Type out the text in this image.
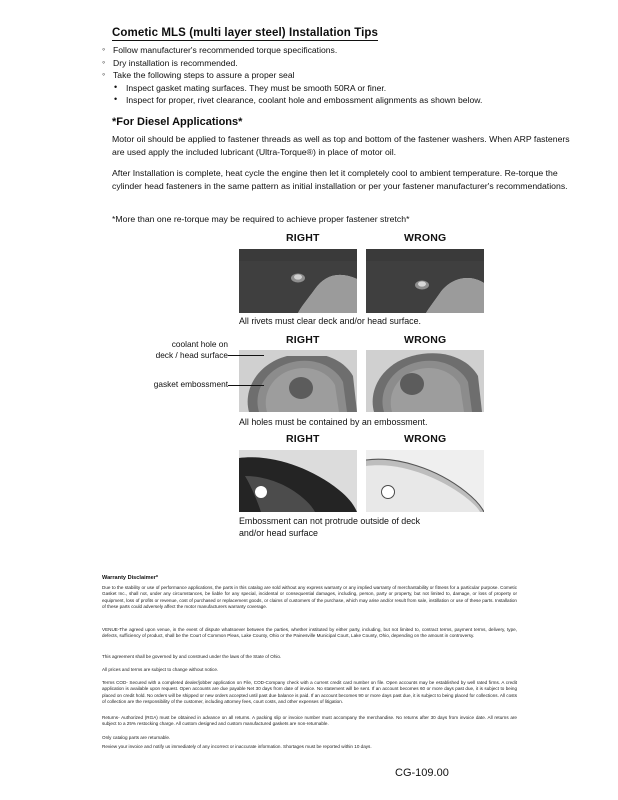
Cometic MLS (multi layer steel) Installation Tips
◦ Follow manufacturer's recommended torque specifications.
◦ Dry installation is recommended.
◦ Take the following steps to assure a proper seal
• Inspect gasket mating surfaces. They must be smooth 50RA or finer.
• Inspect for proper, rivet clearance, coolant hole and embossment alignments as shown below.
*For Diesel Applications*
Motor oil should be applied to fastener threads as well as top and bottom of the fastener washers. When ARP fasteners are used apply the included lubricant (Ultra-Torque®) in place of motor oil.
After Installation is complete, heat cycle the engine then let it completely cool to ambient temperature. Re-torque the cylinder head fasteners in the same pattern as initial installation or per your fastener manufacturer's recommendations.
*More than one re-torque may be required to achieve proper fastener stretch*
RIGHT	WRONG
All rivets must clear deck and/or head surface.
RIGHT	WRONG
All holes must be contained by an embossment.
coolant hole on
deck / head surface
gasket embossment
RIGHT	WRONG
Embossment can not protrude outside of deck
and/or head surface
Warranty Disclaimer*
Due to the stability or use of performance applications, the parts in this catalog are sold without any express warranty or any implied warranty of merchantability or fitness for a particular purpose. Cometic Gasket Inc., shall not, under any circumstances, be liable for any special, incidental or consequential damages, including, person, party or property, but not limited to, damage, or loss of property or equipment, loss of profits or revenue, cost of purchased or replacement goods, or claims of customers of the purchase, which may arise and/or result from sale, instillation or use of these parts. Installation of these parts could adversely affect the motor manufacturers warranty coverage.
VENUE-The agreed upon venue, in the event of dispute whatsoever between the parties, whether instituted by either party, including, but not limited to, contract terms, payment terms, delivery, type, defects, sufficiency of product, shall be the Court of Common Pleas, Lake County, Ohio or the Painesville Municipal Court, Lake County, Ohio, depending on the amount in controversy.
This agreement shall be governed by and construed under the laws of the State of Ohio.
All prices and terms are subject to change without notice.
Terms COD- Secured with a completed dealer/jobber application on File, COD-Company check with a current credit card number on file. Open accounts may be established by well rated firms. A credit application is available upon request. Open accounts are due payable Net 30 days from date of invoice. No statement will be sent. If an account becomes 60 or more days past due, it is subject to being placed on credit hold. No orders will be shipped or new orders accepted until past due balance is paid. If an account becomes 90 or more days past due, it is subject to being placed for collections. All costs of collection are the responsibility of the customer, including attorney fees, court costs, and other expenses of litigation.
Returns- Authorized (RGA) must be obtained in advance on all returns. A packing slip or invoice number must accompany the merchandise. No returns after 30 days from invoice date. All returns are subject to a 25% restocking charge. All custom designed and custom manufactured gaskets are non-returnable.
Only catalog parts are returnable.
Review your invoice and notify us immediately of any incorrect or inaccurate information. Shortages must be reported within 10 days.
CG-109.00
